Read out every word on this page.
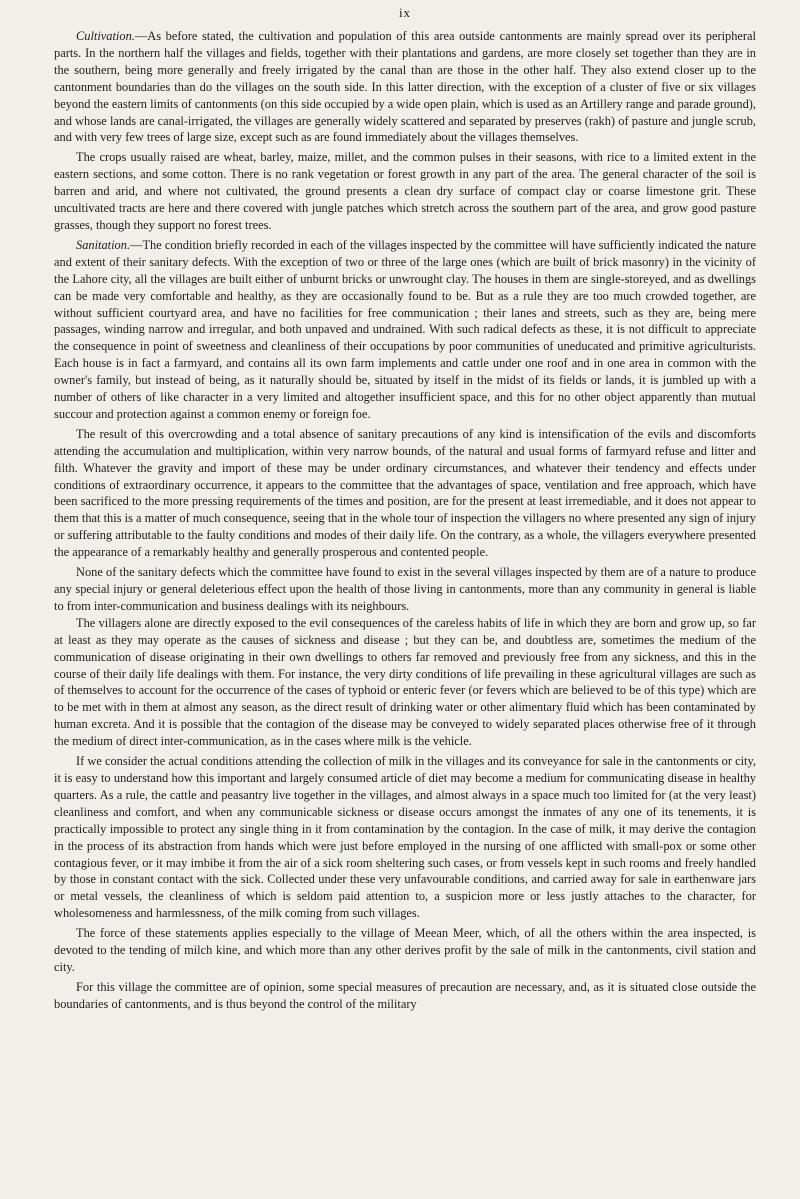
ix

Cultivation.—As before stated, the cultivation and population of this area outside cantonments are mainly spread over its peripheral parts. In the northern half the villages and fields, together with their plantations and gardens, are more closely set together than they are in the southern, being more generally and freely irrigated by the canal than are those in the other half. They also extend closer up to the cantonment boundaries than do the villages on the south side. In this latter direction, with the exception of a cluster of five or six villages beyond the eastern limits of cantonments (on this side occupied by a wide open plain, which is used as an Artillery range and parade ground), and whose lands are canal-irrigated, the villages are generally widely scattered and separated by preserves (rakh) of pasture and jungle scrub, and with very few trees of large size, except such as are found immediately about the villages themselves.

The crops usually raised are wheat, barley, maize, millet, and the common pulses in their seasons, with rice to a limited extent in the eastern sections, and some cotton. There is no rank vegetation or forest growth in any part of the area. The general character of the soil is barren and arid, and where not cultivated, the ground presents a clean dry surface of compact clay or coarse limestone grit. These uncultivated tracts are here and there covered with jungle patches which stretch across the southern part of the area, and grow good pasture grasses, though they support no forest trees.

Sanitation.—The condition briefly recorded in each of the villages inspected by the committee will have sufficiently indicated the nature and extent of their sanitary defects. With the exception of two or three of the large ones (which are built of brick masonry) in the vicinity of the Lahore city, all the villages are built either of unburnt bricks or unwrought clay. The houses in them are single-storeyed, and as dwellings can be made very comfortable and healthy, as they are occasionally found to be. But as a rule they are too much crowded together, are without sufficient courtyard area, and have no facilities for free communication ; their lanes and streets, such as they are, being mere passages, winding narrow and irregular, and both unpaved and undrained. With such radical defects as these, it is not difficult to appreciate the consequence in point of sweetness and cleanliness of their occupations by poor communities of uneducated and primitive agriculturists. Each house is in fact a farmyard, and contains all its own farm implements and cattle under one roof and in one area in common with the owner's family, but instead of being, as it naturally should be, situated by itself in the midst of its fields or lands, it is jumbled up with a number of others of like character in a very limited and altogether insufficient space, and this for no other object apparently than mutual succour and protection against a common enemy or foreign foe.

The result of this overcrowding and a total absence of sanitary precautions of any kind is intensification of the evils and discomforts attending the accumulation and multiplication, within very narrow bounds, of the natural and usual forms of farmyard refuse and litter and filth. Whatever the gravity and import of these may be under ordinary circumstances, and whatever their tendency and effects under conditions of extraordinary occurrence, it appears to the committee that the advantages of space, ventilation and free approach, which have been sacrificed to the more pressing requirements of the times and position, are for the present at least irremediable, and it does not appear to them that this is a matter of much consequence, seeing that in the whole tour of inspection the villagers no where presented any sign of injury or suffering attributable to the faulty conditions and modes of their daily life. On the contrary, as a whole, the villagers everywhere presented the appearance of a remarkably healthy and generally prosperous and contented people.

None of the sanitary defects which the committee have found to exist in the several villages inspected by them are of a nature to produce any special injury or general deleterious effect upon the health of those living in cantonments, more than any community in general is liable to from inter-communication and business dealings with its neighbours.

The villagers alone are directly exposed to the evil consequences of the careless habits of life in which they are born and grow up, so far at least as they may operate as the causes of sickness and disease ; but they can be, and doubtless are, sometimes the medium of the communication of disease originating in their own dwellings to others far removed and previously free from any sickness, and this in the course of their daily life dealings with them. For instance, the very dirty conditions of life prevailing in these agricultural villages are such as of themselves to account for the occurrence of the cases of typhoid or enteric fever (or fevers which are believed to be of this type) which are to be met with in them at almost any season, as the direct result of drinking water or other alimentary fluid which has been contaminated by human excreta. And it is possible that the contagion of the disease may be conveyed to widely separated places otherwise free of it through the medium of direct inter-communication, as in the cases where milk is the vehicle.

If we consider the actual conditions attending the collection of milk in the villages and its conveyance for sale in the cantonments or city, it is easy to understand how this important and largely consumed article of diet may become a medium for communicating disease in healthy quarters. As a rule, the cattle and peasantry live together in the villages, and almost always in a space much too limited for (at the very least) cleanliness and comfort, and when any communicable sickness or disease occurs amongst the inmates of any one of its tenements, it is practically impossible to protect any single thing in it from contamination by the contagion. In the case of milk, it may derive the contagion in the process of its abstraction from hands which were just before employed in the nursing of one afflicted with small-pox or some other contagious fever, or it may imbibe it from the air of a sick room sheltering such cases, or from vessels kept in such rooms and freely handled by those in constant contact with the sick. Collected under these very unfavourable conditions, and carried away for sale in earthenware jars or metal vessels, the cleanliness of which is seldom paid attention to, a suspicion more or less justly attaches to the character, for wholesomeness and harmlessness, of the milk coming from such villages.

The force of these statements applies especially to the village of Meean Meer, which, of all the others within the area inspected, is devoted to the tending of milch kine, and which more than any other derives profit by the sale of milk in the cantonments, civil station and city.

For this village the committee are of opinion, some special measures of precaution are necessary, and, as it is situated close outside the boundaries of cantonments, and is thus beyond the control of the military
